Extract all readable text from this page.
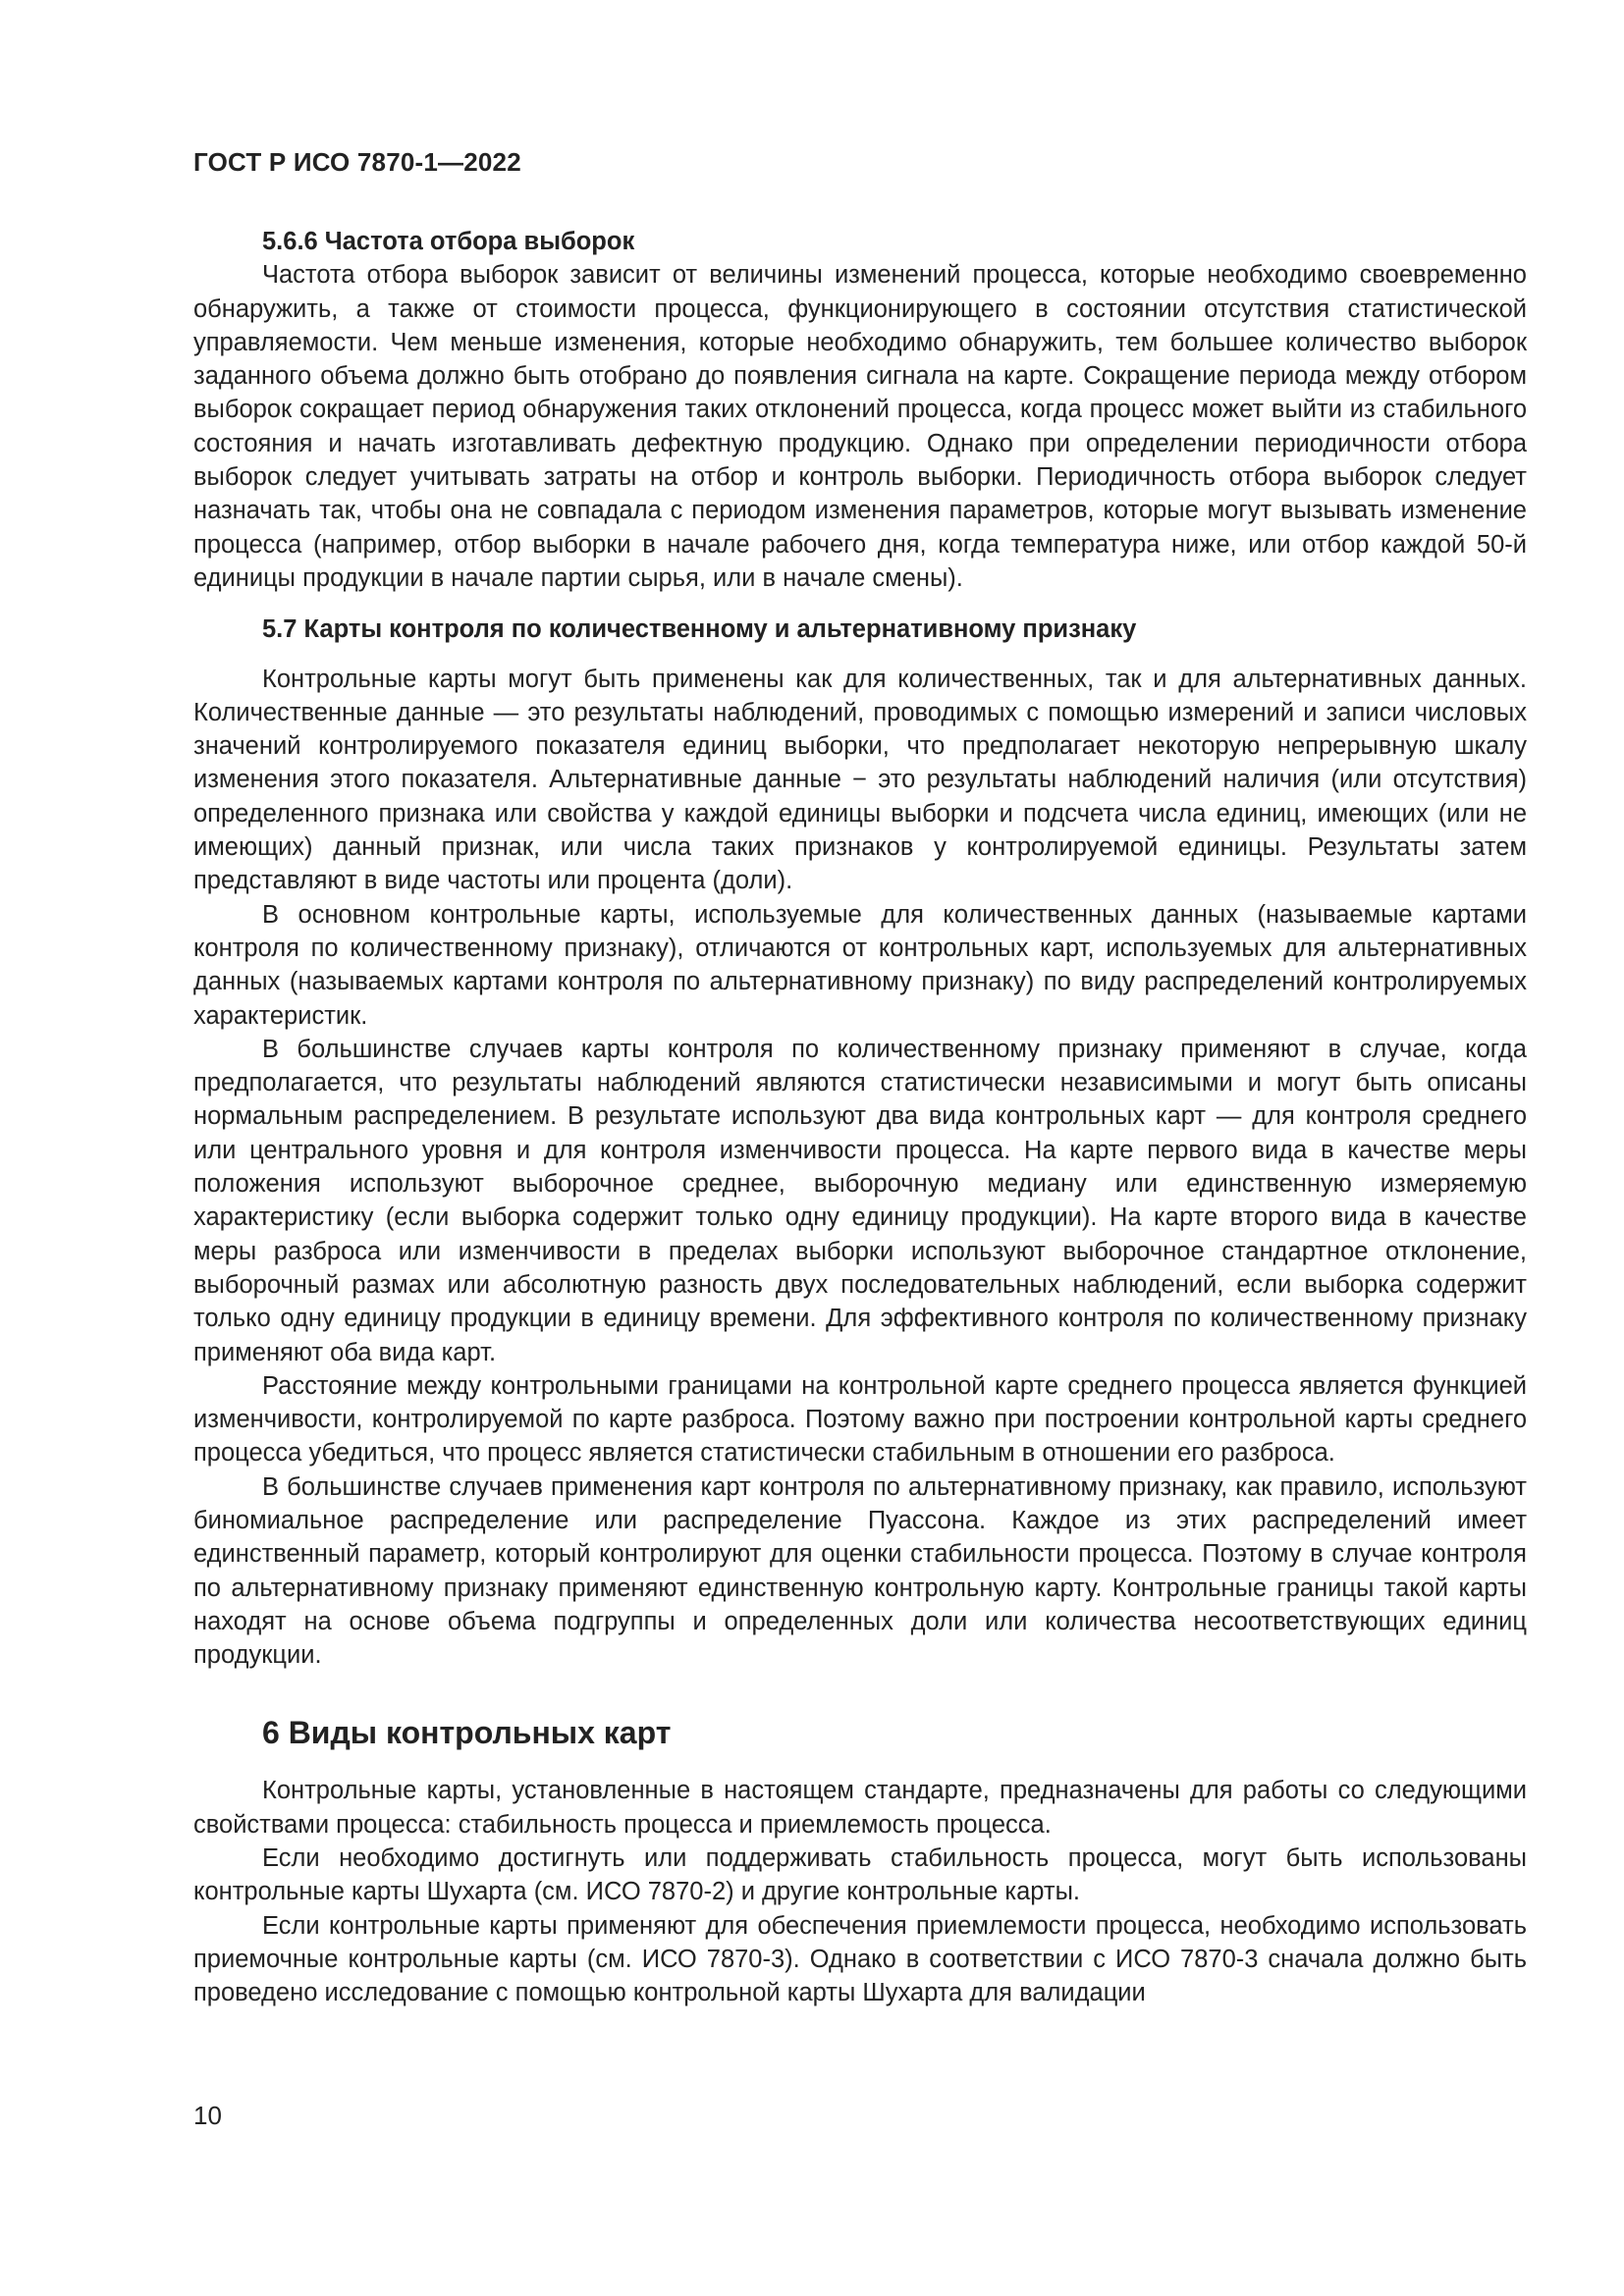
ГОСТ Р ИСО 7870-1—2022
5.6.6 Частота отбора выборок

Частота отбора выборок зависит от величины изменений процесса, которые необходимо своевременно обнаружить, а также от стоимости процесса, функционирующего в состоянии отсутствия статистической управляемости. Чем меньше изменения, которые необходимо обнаружить, тем большее количество выборок заданного объема должно быть отобрано до появления сигнала на карте. Сокращение периода между отбором выборок сокращает период обнаружения таких отклонений процесса, когда процесс может выйти из стабильного состояния и начать изготавливать дефектную продукцию. Однако при определении периодичности отбора выборок следует учитывать затраты на отбор и контроль выборки. Периодичность отбора выборок следует назначать так, чтобы она не совпадала с периодом изменения параметров, которые могут вызывать изменение процесса (например, отбор выборки в начале рабочего дня, когда температура ниже, или отбор каждой 50-й единицы продукции в начале партии сырья, или в начале смены).

5.7 Карты контроля по количественному и альтернативному признаку

Контрольные карты могут быть применены как для количественных, так и для альтернативных данных. Количественные данные — это результаты наблюдений, проводимых с помощью измерений и записи числовых значений контролируемого показателя единиц выборки, что предполагает некоторую непрерывную шкалу изменения этого показателя. Альтернативные данные − это результаты наблюдений наличия (или отсутствия) определенного признака или свойства у каждой единицы выборки и подсчета числа единиц, имеющих (или не имеющих) данный признак, или числа таких признаков у контролируемой единицы. Результаты затем представляют в виде частоты или процента (доли).

В основном контрольные карты, используемые для количественных данных (называемые картами контроля по количественному признаку), отличаются от контрольных карт, используемых для альтернативных данных (называемых картами контроля по альтернативному признаку) по виду распределений контролируемых характеристик.

В большинстве случаев карты контроля по количественному признаку применяют в случае, когда предполагается, что результаты наблюдений являются статистически независимыми и могут быть описаны нормальным распределением. В результате используют два вида контрольных карт — для контроля среднего или центрального уровня и для контроля изменчивости процесса. На карте первого вида в качестве меры положения используют выборочное среднее, выборочную медиану или единственную измеряемую характеристику (если выборка содержит только одну единицу продукции). На карте второго вида в качестве меры разброса или изменчивости в пределах выборки используют выборочное стандартное отклонение, выборочный размах или абсолютную разность двух последовательных наблюдений, если выборка содержит только одну единицу продукции в единицу времени. Для эффективного контроля по количественному признаку применяют оба вида карт.

Расстояние между контрольными границами на контрольной карте среднего процесса является функцией изменчивости, контролируемой по карте разброса. Поэтому важно при построении контрольной карты среднего процесса убедиться, что процесс является статистически стабильным в отношении его разброса.

В большинстве случаев применения карт контроля по альтернативному признаку, как правило, используют биномиальное распределение или распределение Пуассона. Каждое из этих распределений имеет единственный параметр, который контролируют для оценки стабильности процесса. Поэтому в случае контроля по альтернативному признаку применяют единственную контрольную карту. Контрольные границы такой карты находят на основе объема подгруппы и определенных доли или количества несоответствующих единиц продукции.

6 Виды контрольных карт

Контрольные карты, установленные в настоящем стандарте, предназначены для работы со следующими свойствами процесса: стабильность процесса и приемлемость процесса.

Если необходимо достигнуть или поддерживать стабильность процесса, могут быть использованы контрольные карты Шухарта (см. ИСО 7870-2) и другие контрольные карты.

Если контрольные карты применяют для обеспечения приемлемости процесса, необходимо использовать приемочные контрольные карты (см. ИСО 7870-3). Однако в соответствии с ИСО 7870-3 сначала должно быть проведено исследование с помощью контрольной карты Шухарта для валидации

10
